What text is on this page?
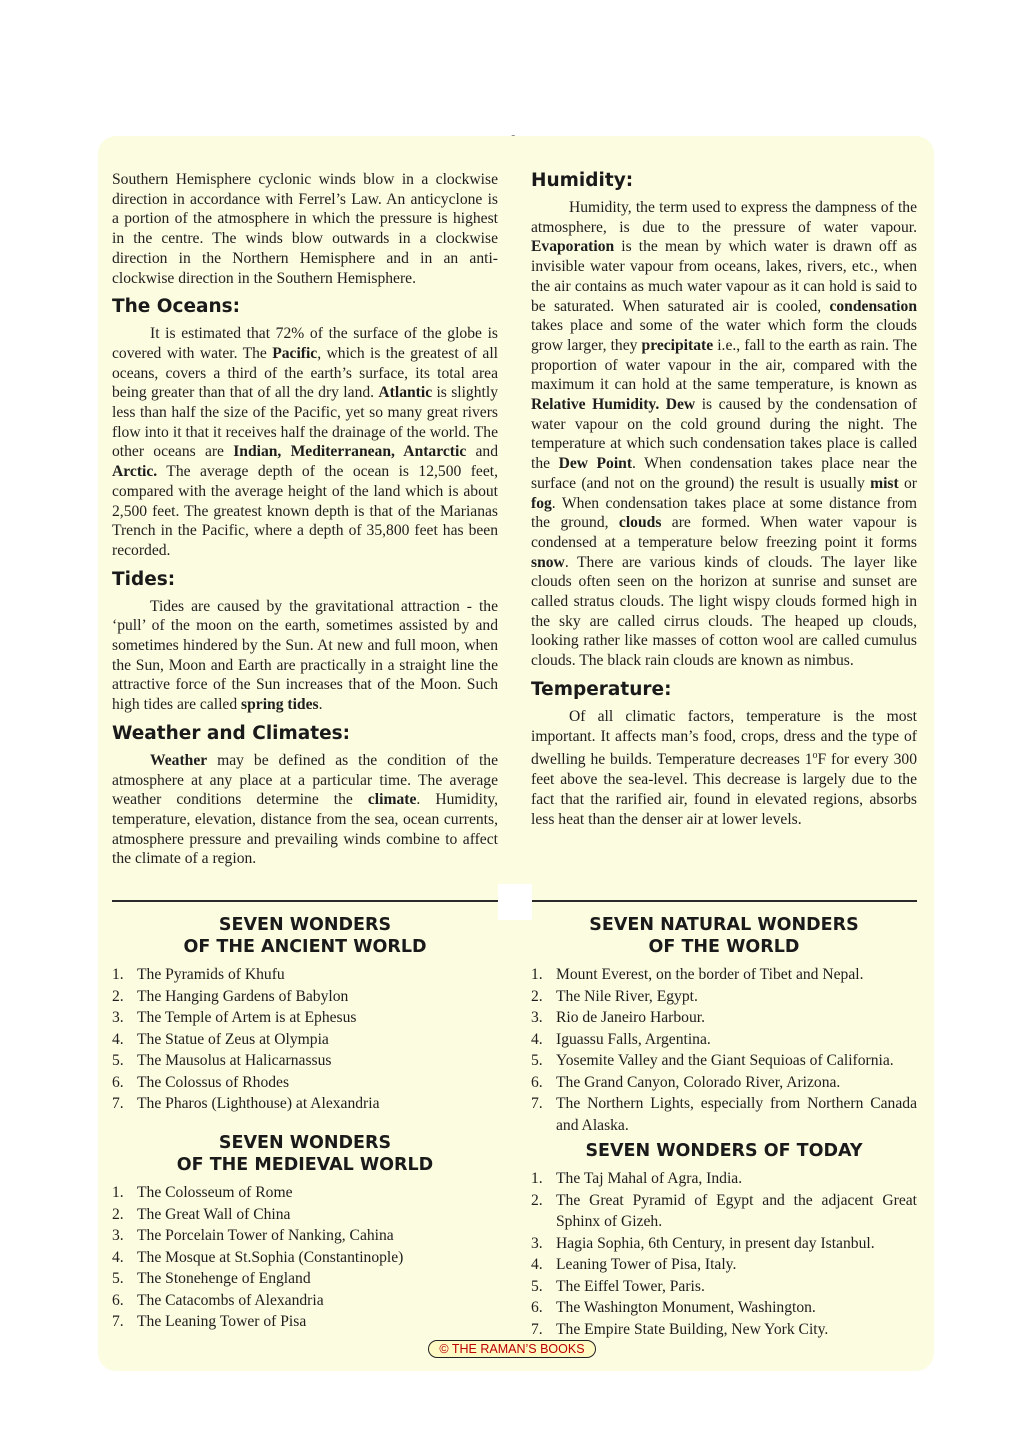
Southern Hemisphere cyclonic winds blow in a clockwise direction in accordance with Ferrel’s Law. An anticyclone is a portion of the atmosphere in which the pressure is highest in the centre. The winds blow outwards in a clockwise direction in the Northern Hemisphere and in an anti-clockwise direction in the Southern Hemisphere.

The Oceans:

It is estimated that 72% of the surface of the globe is covered with water. The Pacific, which is the greatest of all oceans, covers a third of the earth’s surface, its total area being greater than that of all the dry land. Atlantic is slightly less than half the size of the Pacific, yet so many great rivers flow into it that it receives half the drainage of the world. The other oceans are Indian, Mediterranean, Antarctic and Arctic. The average depth of the ocean is 12,500 feet, compared with the average height of the land which is about 2,500 feet. The greatest known depth is that of the Marianas Trench in the Pacific, where a depth of 35,800 feet has been recorded.

Tides:

Tides are caused by the gravitational attraction - the ‘pull’ of the moon on the earth, sometimes assisted by and sometimes hindered by the Sun. At new and full moon, when the Sun, Moon and Earth are practically in a straight line the attractive force of the Sun increases that of the Moon. Such high tides are called spring tides.

Weather and Climates:

Weather may be defined as the condition of the atmosphere at any place at a particular time. The average weather conditions determine the climate. Humidity, temperature, elevation, distance from the sea, ocean currents, atmosphere pressure and prevailing winds combine to affect the climate of a region.

Humidity:

Humidity, the term used to express the dampness of the atmosphere, is due to the pressure of water vapour. Evaporation is the mean by which water is drawn off as invisible water vapour from oceans, lakes, rivers, etc., when the air contains as much water vapour as it can hold is said to be saturated. When saturated air is cooled, condensation takes place and some of the water which form the clouds grow larger, they precipitate i.e., fall to the earth as rain. The proportion of water vapour in the air, compared with the maximum it can hold at the same temperature, is known as Relative Humidity. Dew is caused by the condensation of water vapour on the cold ground during the night. The temperature at which such condensation takes place is called the Dew Point. When condensation takes place near the surface (and not on the ground) the result is usually mist or fog. When condensation takes place at some distance from the ground, clouds are formed. When water vapour is condensed at a temperature below freezing point it forms snow. There are various kinds of clouds. The layer like clouds often seen on the horizon at sunrise and sunset are called stratus clouds. The light wispy clouds formed high in the sky are called cirrus clouds. The heaped up clouds, looking rather like masses of cotton wool are called cumulus clouds. The black rain clouds are known as nimbus.

Temperature:

Of all climatic factors, temperature is the most important. It affects man’s food, crops, dress and the type of dwelling he builds. Temperature decreases 1$^o$F for every 300 feet above the sea-level. This decrease is largely due to the fact that the rarified air, found in elevated regions, absorbs less heat than the denser air at lower levels.

SEVEN WONDERS
OF THE ANCIENT WORLD
1. The Pyramids of Khufu
2. The Hanging Gardens of Babylon
3. The Temple of Artem is at Ephesus
4. The Statue of Zeus at Olympia
5. The Mausolus at Halicarnassus
6. The Colossus of Rhodes
7. The Pharos (Lighthouse) at Alexandria
SEVEN WONDERS
OF THE MEDIEVAL WORLD
1. The Colosseum of Rome
2. The Great Wall of China
3. The Porcelain Tower of Nanking, Cahina
4. The Mosque at St.Sophia (Constantinople)
5. The Stonehenge of England
6. The Catacombs of Alexandria
7. The Leaning Tower of Pisa
SEVEN NATURAL WONDERS
OF THE WORLD
1. Mount Everest, on the border of Tibet and Nepal.
2. The Nile River, Egypt.
3. Rio de Janeiro Harbour.
4. Iguassu Falls, Argentina.
5. Yosemite Valley and the Giant Sequioas of California.
6. The Grand Canyon, Colorado River, Arizona.
7. The Northern Lights, especially from Northern Canada and Alaska.
SEVEN WONDERS OF TODAY
1. The Taj Mahal of Agra, India.
2. The Great Pyramid of Egypt and the adjacent Great Sphinx of Gizeh.
3. Hagia Sophia, 6th Century, in present day Istanbul.
4. Leaning Tower of Pisa, Italy.
5. The Eiffel Tower, Paris.
6. The Washington Monument, Washington.
7. The Empire State Building, New York City.
© THE RAMAN’S BOOKS
